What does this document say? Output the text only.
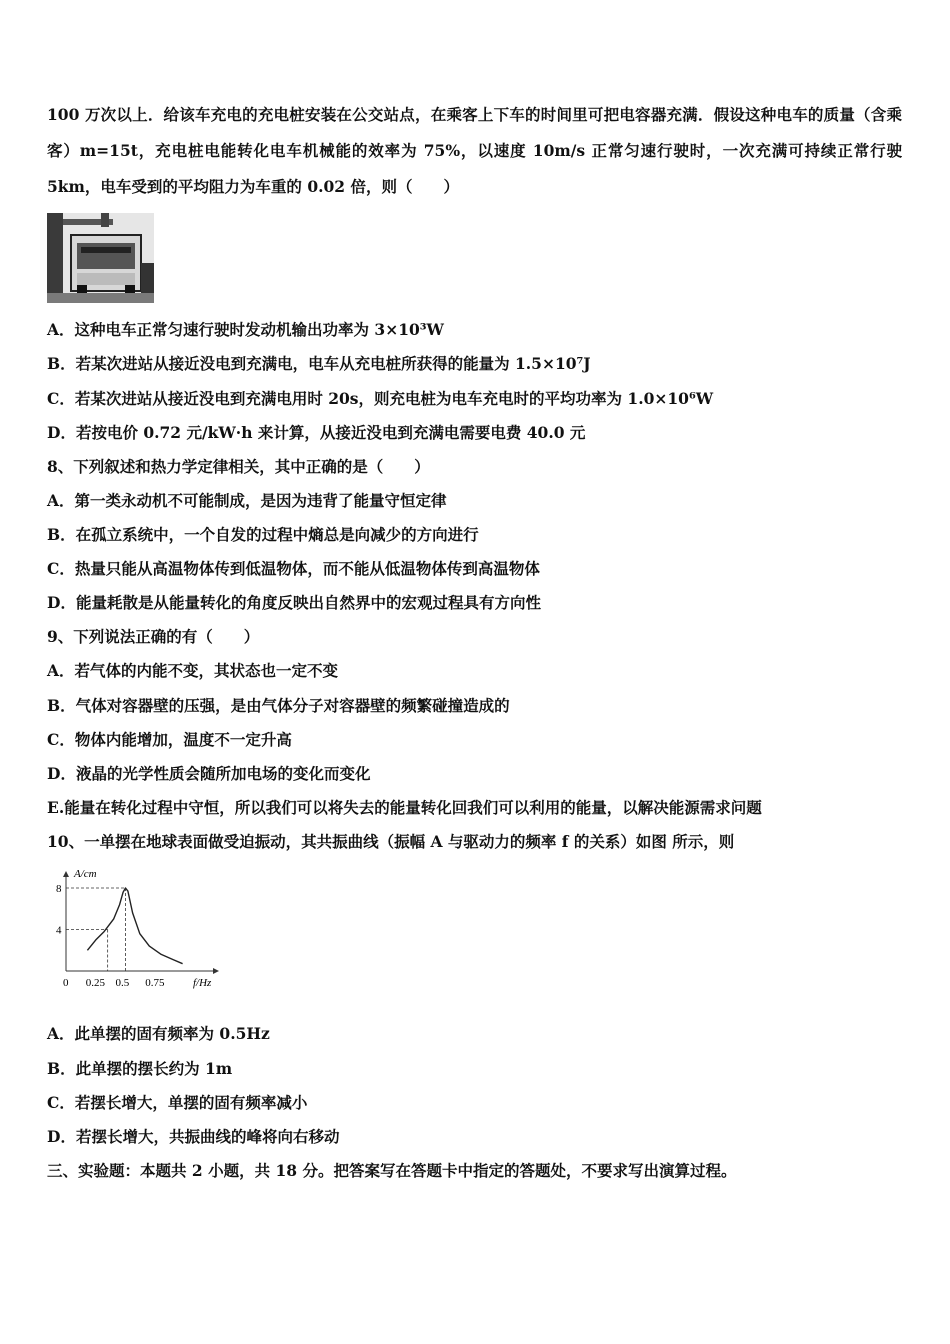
100 万次以上．给该车充电的充电桩安装在公交站点，在乘客上下车的时间里可把电容器充满．假设这种电车的质量（含乘客）m=15t，充电桩电能转化电车机械能的效率为 75%，以速度 10m/s 正常匀速行驶时，一次充满可持续正常行驶 5km，电车受到的平均阻力为车重的 0.02 倍，则（　　）
A．这种电车正常匀速行驶时发动机输出功率为 3×10³W
B．若某次进站从接近没电到充满电，电车从充电桩所获得的能量为 1.5×10⁷J
C．若某次进站从接近没电到充满电用时 20s，则充电桩为电车充电时的平均功率为 1.0×10⁶W
D．若按电价 0.72 元/kW·h 来计算，从接近没电到充满电需要电费 40.0 元
8、下列叙述和热力学定律相关，其中正确的是（　　）
A．第一类永动机不可能制成，是因为违背了能量守恒定律
B．在孤立系统中，一个自发的过程中熵总是向减少的方向进行
C．热量只能从高温物体传到低温物体，而不能从低温物体传到高温物体
D．能量耗散是从能量转化的角度反映出自然界中的宏观过程具有方向性
9、下列说法正确的有（　　）
A．若气体的内能不变，其状态也一定不变
B．气体对容器壁的压强，是由气体分子对容器壁的频繁碰撞造成的
C．物体内能增加，温度不一定升高
D．液晶的光学性质会随所加电场的变化而变化
E.能量在转化过程中守恒，所以我们可以将失去的能量转化回我们可以利用的能量，以解决能源需求问题
10、一单摆在地球表面做受迫振动，其共振曲线（振幅 A 与驱动力的频率 f 的关系）如图 所示，则
A/cm
f/Hz
4
8
0 0.25 0.5 0.75
A．此单摆的固有频率为 0.5Hz
B．此单摆的摆长约为 1m
C．若摆长增大，单摆的固有频率减小
D．若摆长增大，共振曲线的峰将向右移动
三、实验题：本题共 2 小题，共 18 分。把答案写在答题卡中指定的答题处，不要求写出演算过程。
